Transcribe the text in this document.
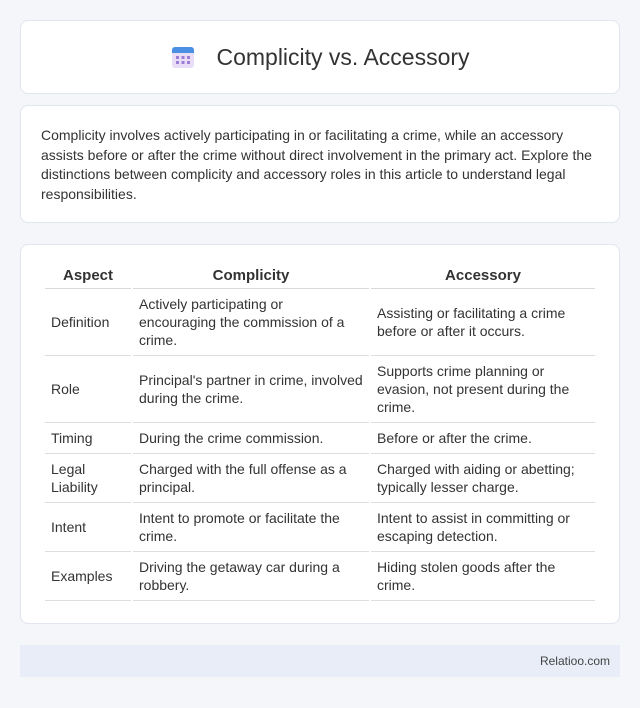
Complicity vs. Accessory

Complicity involves actively participating in or facilitating a crime, while an accessory assists before or after the crime without direct involvement in the primary act. Explore the distinctions between complicity and accessory roles in this article to understand legal responsibilities.

Aspect	Complicity	Accessory
Definition	Actively participating or encouraging the commission of a crime.	Assisting or facilitating a crime before or after it occurs.
Role	Principal's partner in crime, involved during the crime.	Supports crime planning or evasion, not present during the crime.
Timing	During the crime commission.	Before or after the crime.
Legal Liability	Charged with the full offense as a principal.	Charged with aiding or abetting; typically lesser charge.
Intent	Intent to promote or facilitate the crime.	Intent to assist in committing or escaping detection.
Examples	Driving the getaway car during a robbery.	Hiding stolen goods after the crime.
Relatioo.com
